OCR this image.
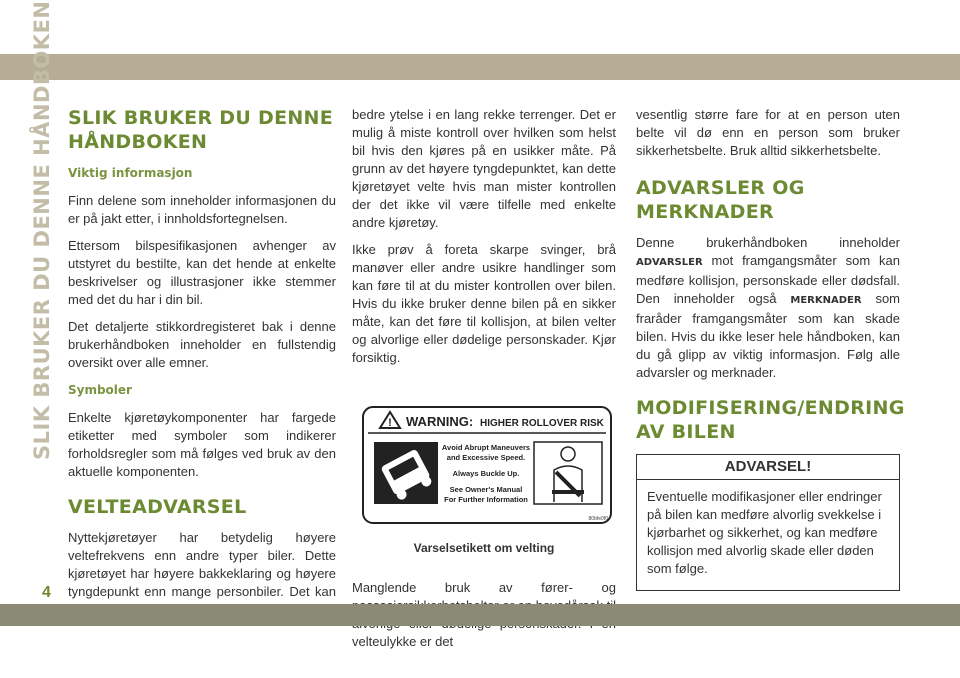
SLIK BRUKER DU DENNE HÅNDBOKEN SLIK BRUKER DU DENNE HÅNDBOKEN
Viktig informasjon

Finn delene som inneholder informasjonen du er på jakt etter, i innholdsfortegnelsen.

Ettersom bilspesifikasjonen avhenger av utstyret du bestilte, kan det hende at enkelte beskrivelser og illustrasjoner ikke stemmer med det du har i din bil.

Det detaljerte stikkordregisteret bak i denne brukerhåndboken inneholder en fullstendig oversikt over alle emner.

Symboler

Enkelte kjøretøykomponenter har fargede etiketter med symboler som indikerer forholdsregler som må følges ved bruk av den aktuelle komponenten.

VELTEADVARSEL

Nyttekjøretøyer har betydelig høyere veltefrekvens enn andre typer biler. Dette kjøretøyet har høyere bakkeklaring og høyere tyngdepunkt enn mange personbiler. Det kan

bedre ytelse i en lang rekke terrenger. Det er mulig å miste kontroll over hvilken som helst bil hvis den kjøres på en usikker måte. På grunn av det høyere tyngdepunktet, kan dette kjøretøyet velte hvis man mister kontrollen der det ikke vil være tilfelle med enkelte andre kjøretøy.

Ikke prøv å foreta skarpe svinger, brå manøver eller andre usikre handlinger som kan føre til at du mister kontrollen over bilen. Hvis du ikke bruker denne bilen på en sikker måte, kan det føre til kollisjon, at bilen velter og alvorlige eller dødelige personskader. Kjør forsiktig.

! WARNING: HIGHER ROLLOVER RISK
Avoid Abrupt Maneuvers
and Excessive Speed.
Always Buckle Up.
See Owner's Manual
For Further Information
80bfe0f0
Varselsetikett om velting

Manglende bruk av fører- og velteulykke er det

vesentlig større fare for at en person uten belte vil dø enn en person som bruker sikkerhetsbelte. Bruk alltid sikkerhetsbelte.

ADVARSLER OG MERKNADER

Denne brukerhåndboken inneholder ADVARSLER mot framgangsmåter som kan medføre kollisjon, personskade eller dødsfall. Den inneholder også MERKNADER som fraråder framgangsmåter som kan skade bilen. Hvis du ikke leser hele håndboken, kan du gå glipp av viktig informasjon. Følg alle advarsler og merknader.

MODIFISERING/ENDRING AV BILEN
ADVARSEL!
Eventuelle modifikasjoner eller endringer på bilen kan medføre alvorlig svekkelse i kjørbarhet og sikkerhet, og kan medføre kollisjon med alvorlig skade eller døden som følge.
4
